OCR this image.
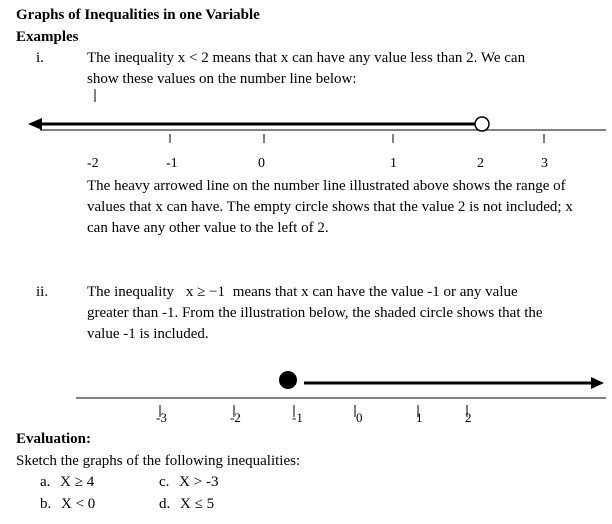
Graphs of Inequalities in one Variable
Examples
i.	The inequality x < 2 means that x can have any value less than 2. We can
show these values on the number line below:
-2	-1	0	1	2	3
The heavy arrowed line on the number line illustrated above shows the range of values that x can have. The empty circle shows that the value 2 is not included; x can have any other value to the left of 2.
ii.	The inequality x ≥ −1 means that x can have the value -1 or any value
greater than -1. From the illustration below, the shaded circle shows that the
value -1 is included.
-3	-2	-1	0	1	2
Evaluation:
Sketch the graphs of the following inequalities:
a. X ≥ 4	c. X > -3
b. X < 0	d. X ≤ 5
